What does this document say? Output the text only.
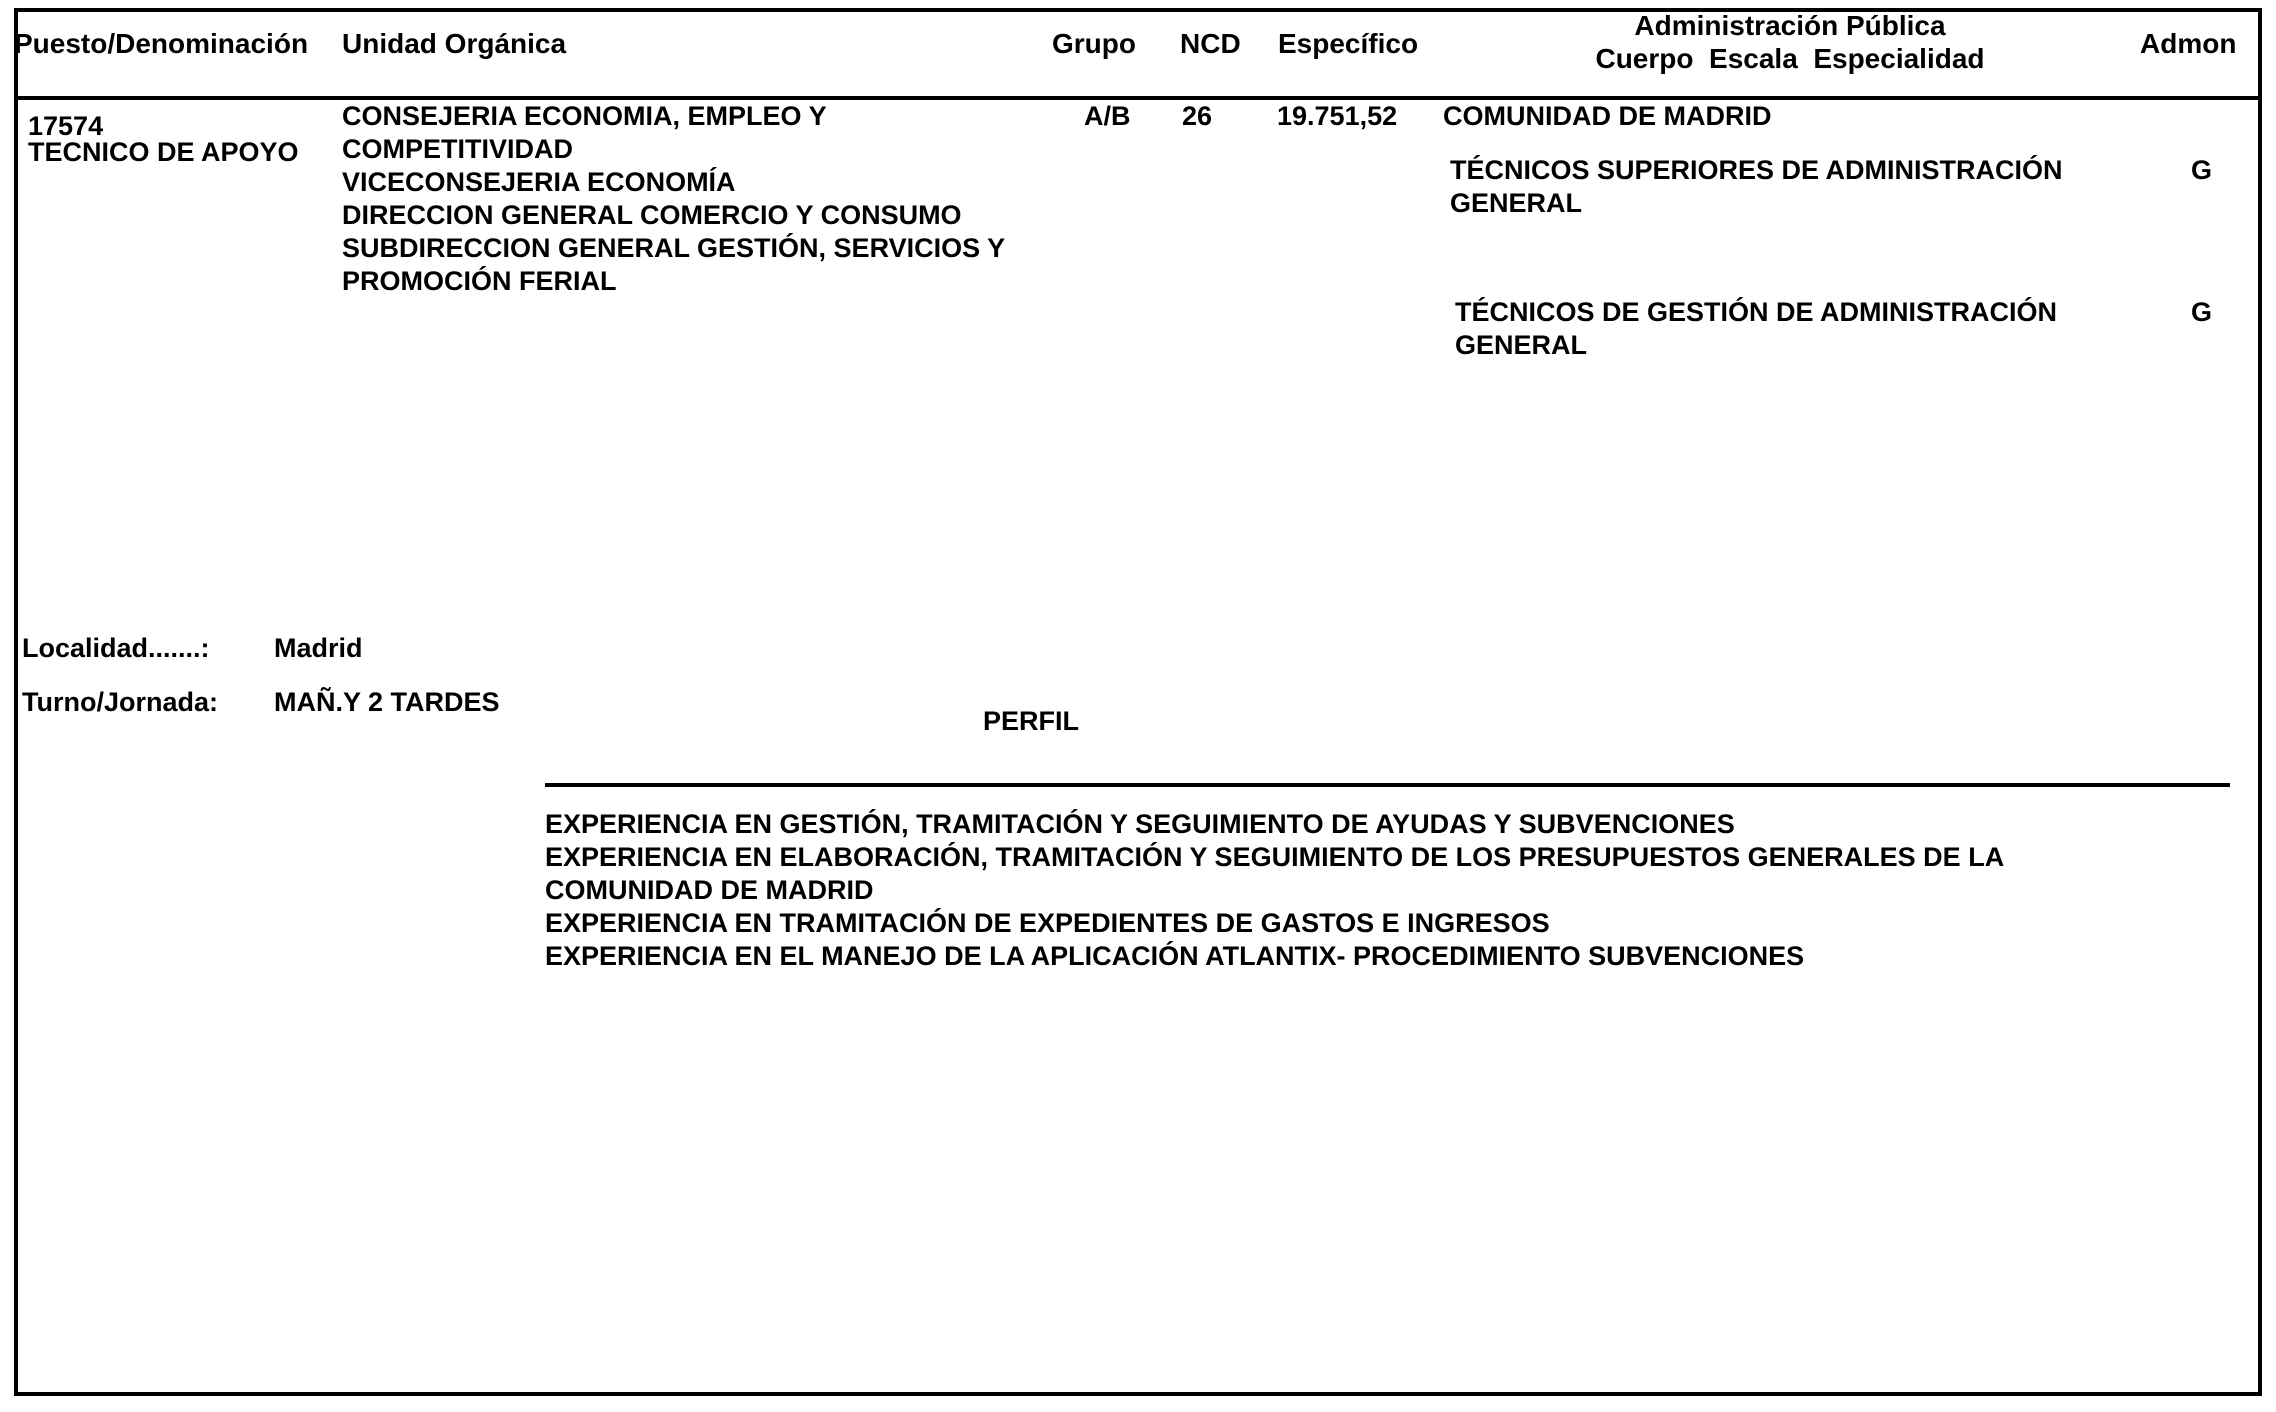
Puesto/Denominación Unidad Orgánica	Grupo NCD Específico
Administración Pública
Cuerpo  Escala  Especialidad	Admon
17574
TECNICO DE APOYO
CONSEJERIA ECONOMIA, EMPLEO Y
COMPETITIVIDAD
VICECONSEJERIA ECONOMÍA
DIRECCION GENERAL COMERCIO Y CONSUMO
SUBDIRECCION GENERAL GESTIÓN, SERVICIOS Y
PROMOCIÓN FERIAL
A/B 26 19.751,52 COMUNIDAD DE MADRID
TÉCNICOS SUPERIORES DE ADMINISTRACIÓN
GENERAL
G
TÉCNICOS DE GESTIÓN DE ADMINISTRACIÓN
GENERAL
G
Localidad.......: Madrid
Turno/Jornada: MAÑ.Y 2 TARDES
PERFIL
EXPERIENCIA EN GESTIÓN, TRAMITACIÓN Y SEGUIMIENTO DE AYUDAS Y SUBVENCIONES
EXPERIENCIA EN ELABORACIÓN, TRAMITACIÓN Y SEGUIMIENTO DE LOS PRESUPUESTOS GENERALES DE LA
COMUNIDAD DE MADRID
EXPERIENCIA EN TRAMITACIÓN DE EXPEDIENTES DE GASTOS E INGRESOS
EXPERIENCIA EN EL MANEJO DE LA APLICACIÓN ATLANTIX- PROCEDIMIENTO SUBVENCIONES
